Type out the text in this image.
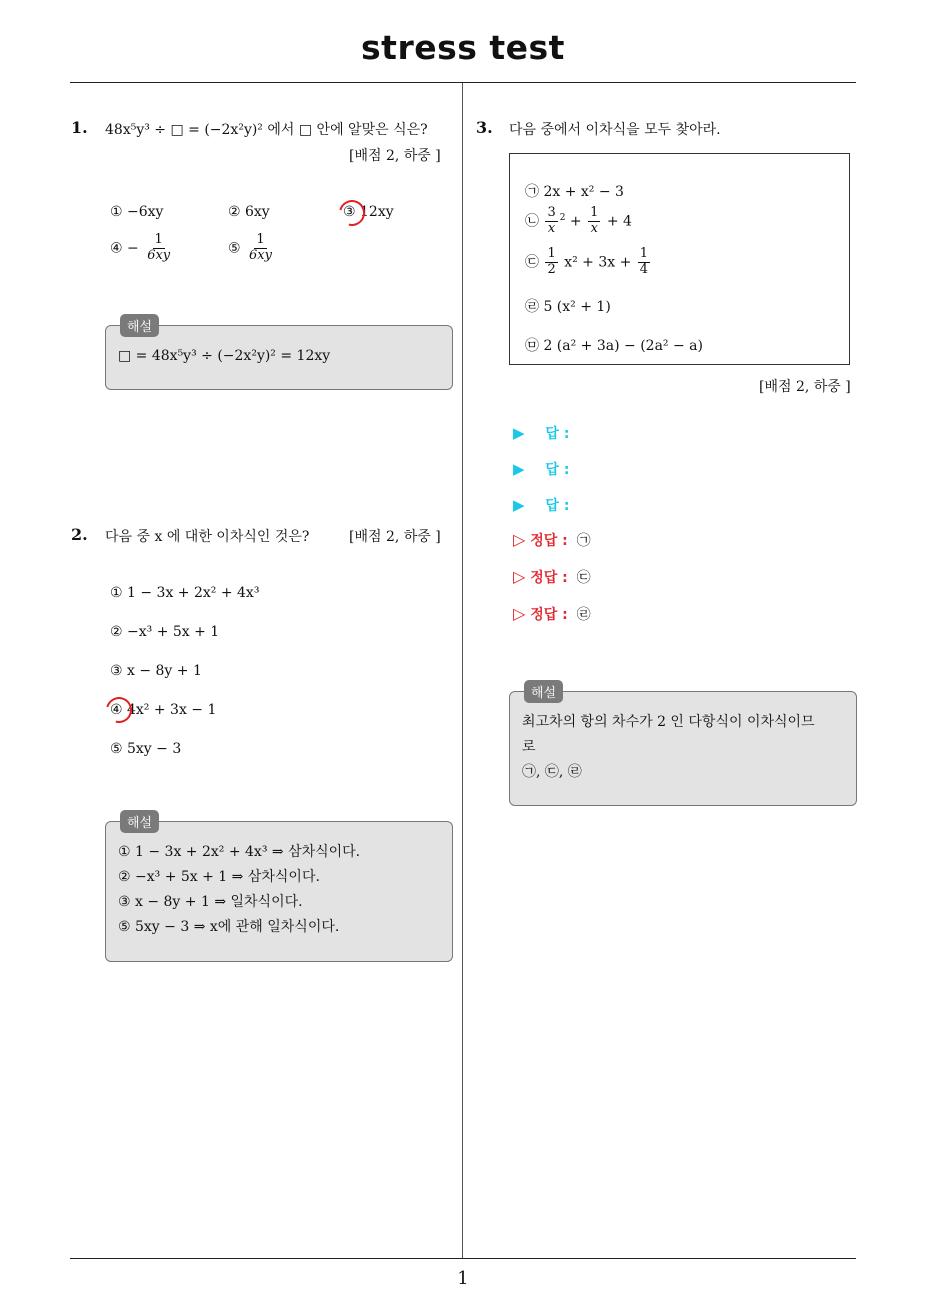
stress test
1
1. 48x⁵y³ ÷ □ = (−2x²y)² 에서 □ 안에 알맞은 식은?
[배점 2, 하중 ]
① −6xy	② 6xy	③ 12xy
④ − $\frac{1}{6xy}$	⑤ $\frac{1}{6xy}$
□ = 48x⁵y³ ÷ (−2x²y)² = 12xy
해설
2. 다음 중 x 에 대한 이차식인 것은?	[배점 2, 하중 ]
① 1 − 3x + 2x² + 4x³
② −x³ + 5x + 1
③ x − 8y + 1
④ 4x² + 3x − 1
⑤ 5xy − 3
① 1 − 3x + 2x² + 4x³ ⇒ 삼차식이다.
② −x³ + 5x + 1 ⇒ 삼차식이다.
③ x − 8y + 1 ⇒ 일차식이다.
⑤ 5xy − 3 ⇒ x에 관해 일차식이다.
해설
3. 다음 중에서 이차식을 모두 찾아라.
㉠ 2x + x² − 3
㉡ $\frac{3}{x} ^2 + \frac{1}{x} + 4$
㉢ $\frac{1}{2} x^2 + 3x + \frac{1}{4}$
㉣ 5 (x² + 1)
㉤ 2 (a² + 3a) − (2a² − a)
[배점 2, 하중 ]
▶ 답 :
▶ 답 :
▶ 답 :
▷ 정답 : ㉠
▷ 정답 : ㉢
▷ 정답 : ㉣
최고차의 항의 차수가 2 인 다항식이 이차식이므
로
㉠, ㉢, ㉣
해설
